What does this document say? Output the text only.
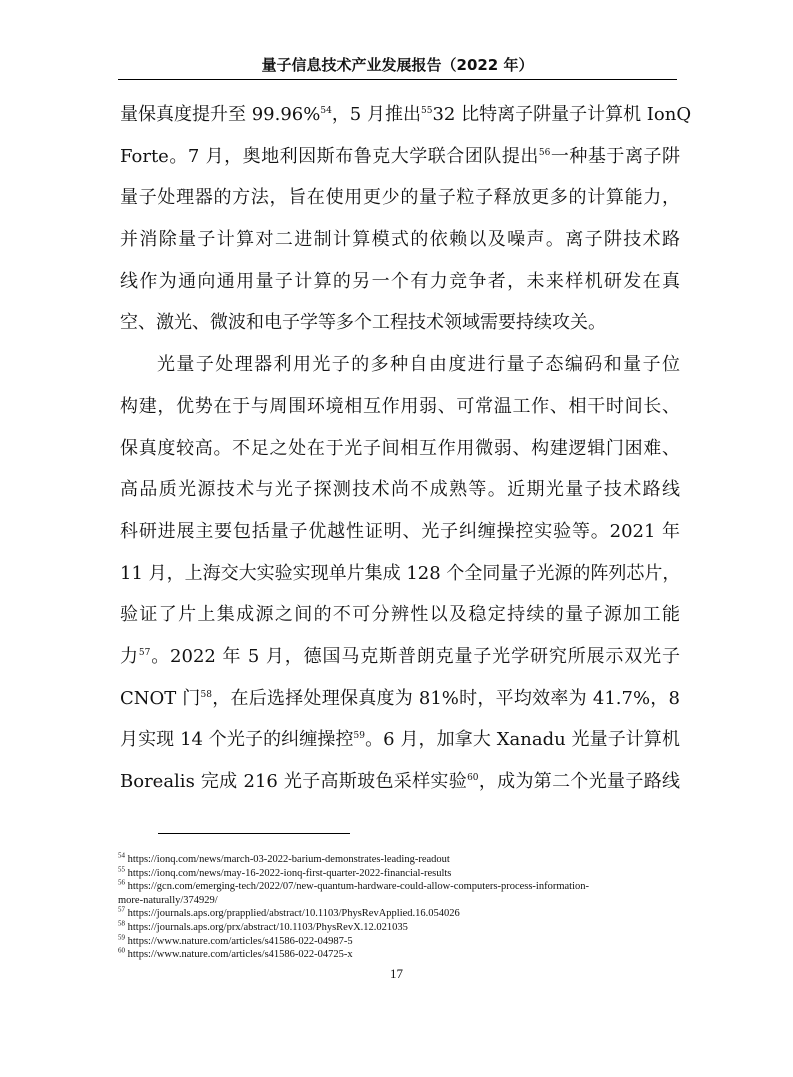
量子信息技术产业发展报告（2022 年）
量保真度提升至 99.96%$^{54}$，5 月推出$^{55}$32 比特离子阱量子计算机 IonQ
Forte。7 月，奥地利因斯布鲁克大学联合团队提出$^{56}$一种基于离子阱
量子处理器的方法，旨在使用更少的量子粒子释放更多的计算能力，
并消除量子计算对二进制计算模式的依赖以及噪声。离子阱技术路
线作为通向通用量子计算的另一个有力竞争者，未来样机研发在真
空、激光、微波和电子学等多个工程技术领域需要持续攻关。
光量子处理器利用光子的多种自由度进行量子态编码和量子位
构建，优势在于与周围环境相互作用弱、可常温工作、相干时间长、
保真度较高。不足之处在于光子间相互作用微弱、构建逻辑门困难、
高品质光源技术与光子探测技术尚不成熟等。近期光量子技术路线
科研进展主要包括量子优越性证明、光子纠缠操控实验等。2021 年
11 月，上海交大实验实现单片集成 128 个全同量子光源的阵列芯片，
验证了片上集成源之间的不可分辨性以及稳定持续的量子源加工能
力$^{57}$。2022 年 5 月，德国马克斯普朗克量子光学研究所展示双光子
CNOT 门$^{58}$，在后选择处理保真度为 81%时，平均效率为 41.7%，8
月实现 14 个光子的纠缠操控$^{59}$。6 月，加拿大 Xanadu 光量子计算机
Borealis 完成 216 光子高斯玻色采样实验$^{60}$，成为第二个光量子路线
$^{54}$ https://ionq.com/news/march-03-2022-barium-demonstrates-leading-readout
$^{55}$ https://ionq.com/news/may-16-2022-ionq-first-quarter-2022-financial-results
$^{56}$ https://gcn.com/emerging-tech/2022/07/new-quantum-hardware-could-allow-computers-process-information-
more-naturally/374929/
$^{57}$ https://journals.aps.org/prapplied/abstract/10.1103/PhysRevApplied.16.054026
$^{58}$ https://journals.aps.org/prx/abstract/10.1103/PhysRevX.12.021035
$^{59}$ https://www.nature.com/articles/s41586-022-04987-5
$^{60}$ https://www.nature.com/articles/s41586-022-04725-x
17
